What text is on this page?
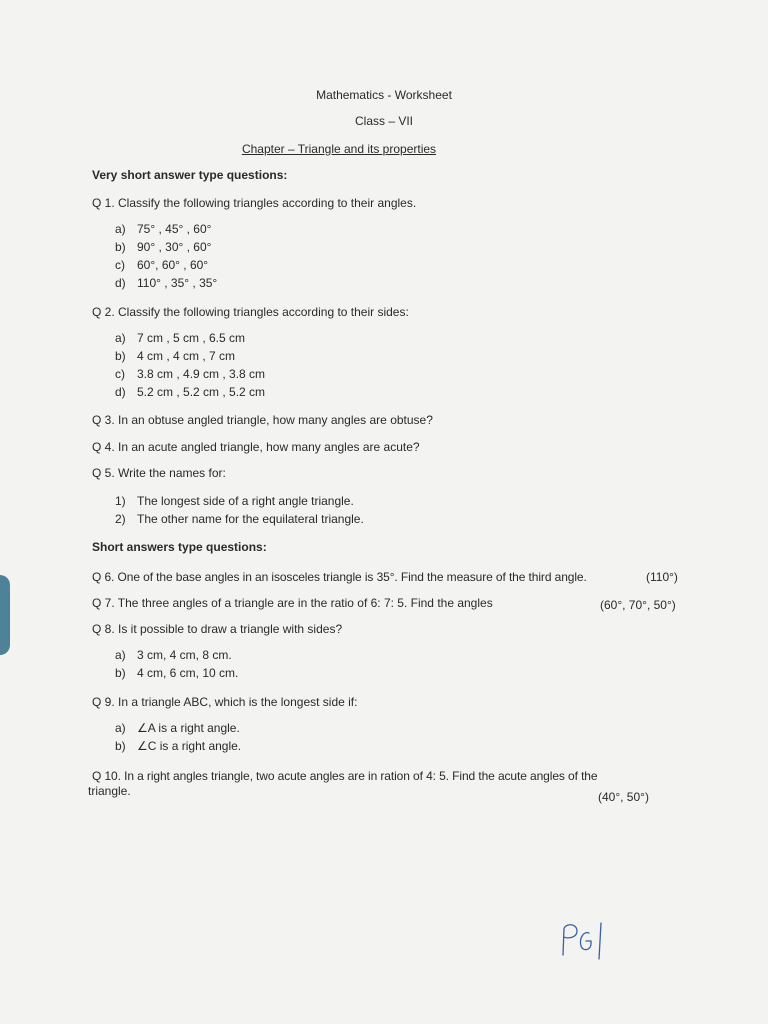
Mathematics - Worksheet
Class – VII
Chapter – Triangle and its properties
Very short answer type questions:
Q 1. Classify the following triangles according to their angles.
a) 75° , 45° , 60°
b) 90° , 30° , 60°
c) 60°, 60° , 60°
d) 110° , 35° , 35°
Q 2. Classify the following triangles according to their sides:
a) 7 cm , 5 cm , 6.5 cm
b) 4 cm , 4 cm , 7 cm
c) 3.8 cm , 4.9 cm , 3.8 cm
d) 5.2 cm , 5.2 cm , 5.2 cm
Q 3. In an obtuse angled triangle, how many angles are obtuse?
Q 4. In an acute angled triangle, how many angles are acute?
Q 5. Write the names for:
1) The longest side of a right angle triangle.
2) The other name for the equilateral triangle.
Short answers type questions:
Q 6. One of the base angles in an isosceles triangle is 35°. Find the measure of the third angle.	(110°)
Q 7. The three angles of a triangle are in the ratio of 6: 7: 5. Find the angles	(60°, 70°, 50°)
Q 8. Is it possible to draw a triangle with sides?
a) 3 cm, 4 cm, 8 cm.
b) 4 cm, 6 cm, 10 cm.
Q 9. In a triangle ABC, which is the longest side if:
a) ∠A is a right angle.
b) ∠C is a right angle.
Q 10. In a right angles triangle, two acute angles are in ration of 4: 5. Find the acute angles of the
triangle.	(40°, 50°)
